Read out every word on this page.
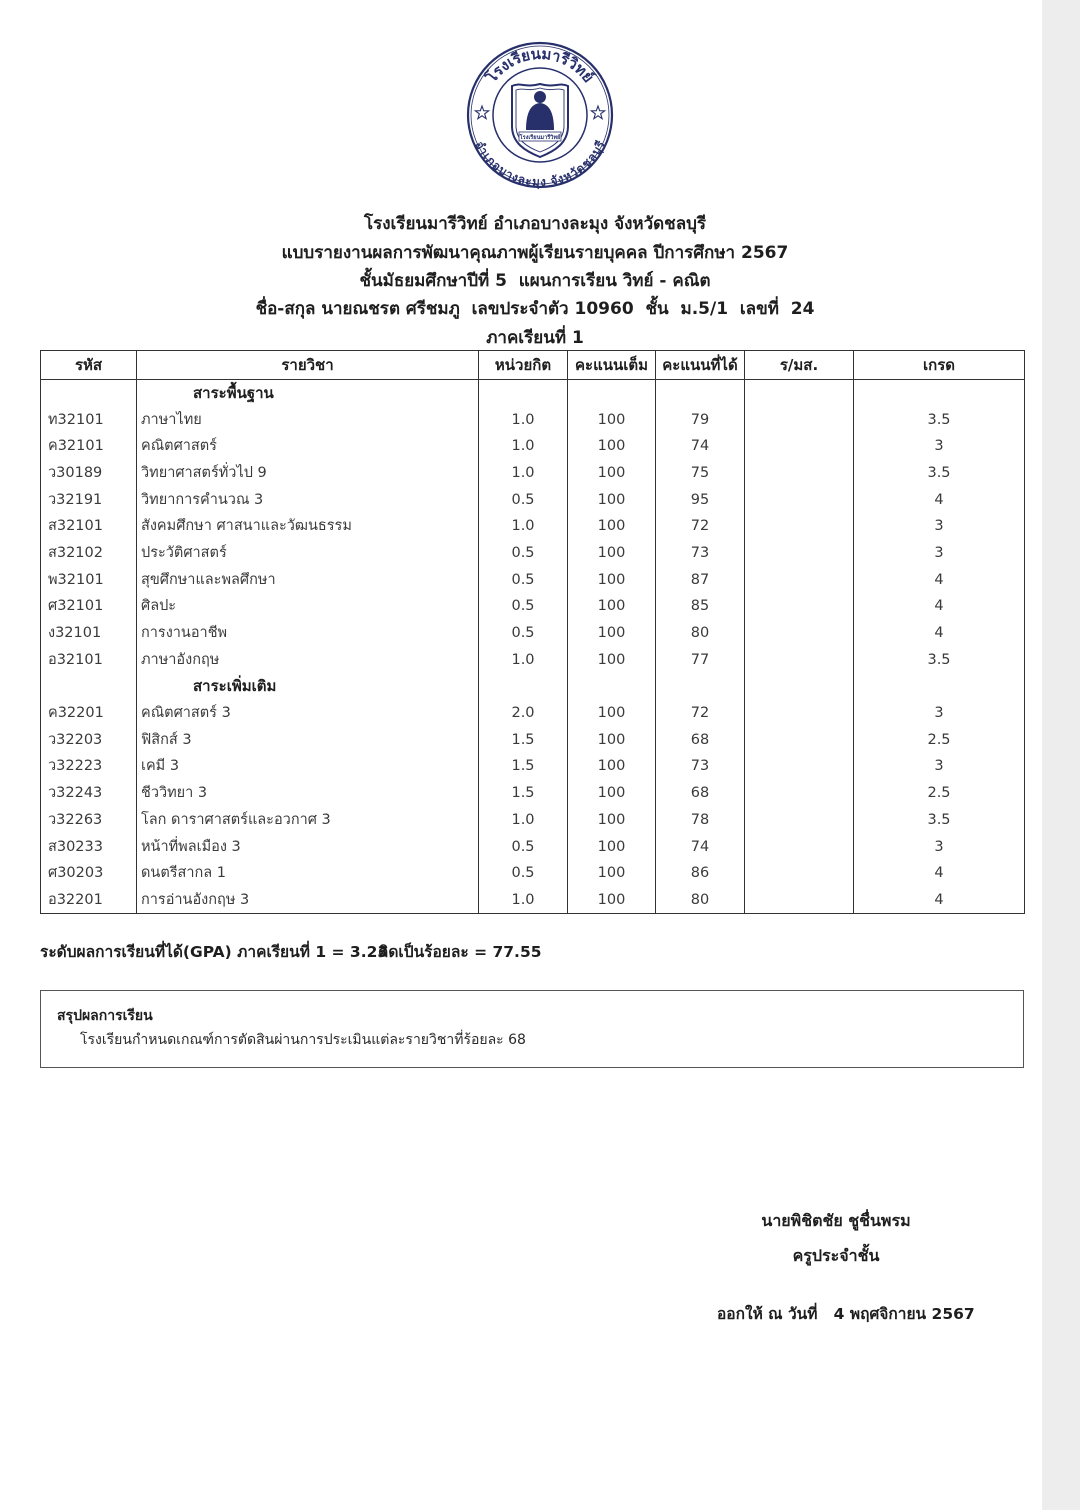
โรงเรียนมารีวิทย์
อำเภอบางละมุง จังหวัดชลบุรี
โรงเรียนมารีวิทย์
โรงเรียนมารีวิทย์ อำเภอบางละมุง จังหวัดชลบุรี
แบบรายงานผลการพัฒนาคุณภาพผู้เรียนรายบุคคล ปีการศึกษา 2567
ชั้นมัธยมศึกษาปีที่ 5  แผนการเรียน วิทย์ - คณิต
ชื่อ-สกุล นายณชรต ศรีชมภู  เลขประจำตัว 10960  ชั้น  ม.5/1  เลขที่  24
ภาคเรียนที่ 1
รหัส	รายวิชา	หน่วยกิต	คะแนนเต็ม	คะแนนที่ได้	ร/มส.	เกรด
	สาระพื้นฐาน					
ท32101	ภาษาไทย	1.0	100	79		3.5
ค32101	คณิตศาสตร์	1.0	100	74		3
ว30189	วิทยาศาสตร์ทั่วไป 9	1.0	100	75		3.5
ว32191	วิทยาการคำนวณ 3	0.5	100	95		4
ส32101	สังคมศึกษา ศาสนาและวัฒนธรรม	1.0	100	72		3
ส32102	ประวัติศาสตร์	0.5	100	73		3
พ32101	สุขศึกษาและพลศึกษา	0.5	100	87		4
ศ32101	ศิลปะ	0.5	100	85		4
ง32101	การงานอาชีพ	0.5	100	80		4
อ32101	ภาษาอังกฤษ	1.0	100	77		3.5
	สาระเพิ่มเติม					
ค32201	คณิตศาสตร์ 3	2.0	100	72		3
ว32203	ฟิสิกส์ 3	1.5	100	68		2.5
ว32223	เคมี 3	1.5	100	73		3
ว32243	ชีววิทยา 3	1.5	100	68		2.5
ว32263	โลก ดาราศาสตร์และอวกาศ 3	1.0	100	78		3.5
ส30233	หน้าที่พลเมือง 3	0.5	100	74		3
ศ30203	ดนตรีสากล 1	0.5	100	86		4
อ32201	การอ่านอังกฤษ 3	1.0	100	80		4
ระดับผลการเรียนที่ได้(GPA) ภาคเรียนที่ 1 = 3.23
คิดเป็นร้อยละ = 77.55
สรุปผลการเรียน
โรงเรียนกำหนดเกณฑ์การตัดสินผ่านการประเมินแต่ละรายวิชาที่ร้อยละ 68
นายพิชิตชัย ชูชื่นพรม
ครูประจำชั้น
ออกให้ ณ วันที่   4 พฤศจิกายน 2567
